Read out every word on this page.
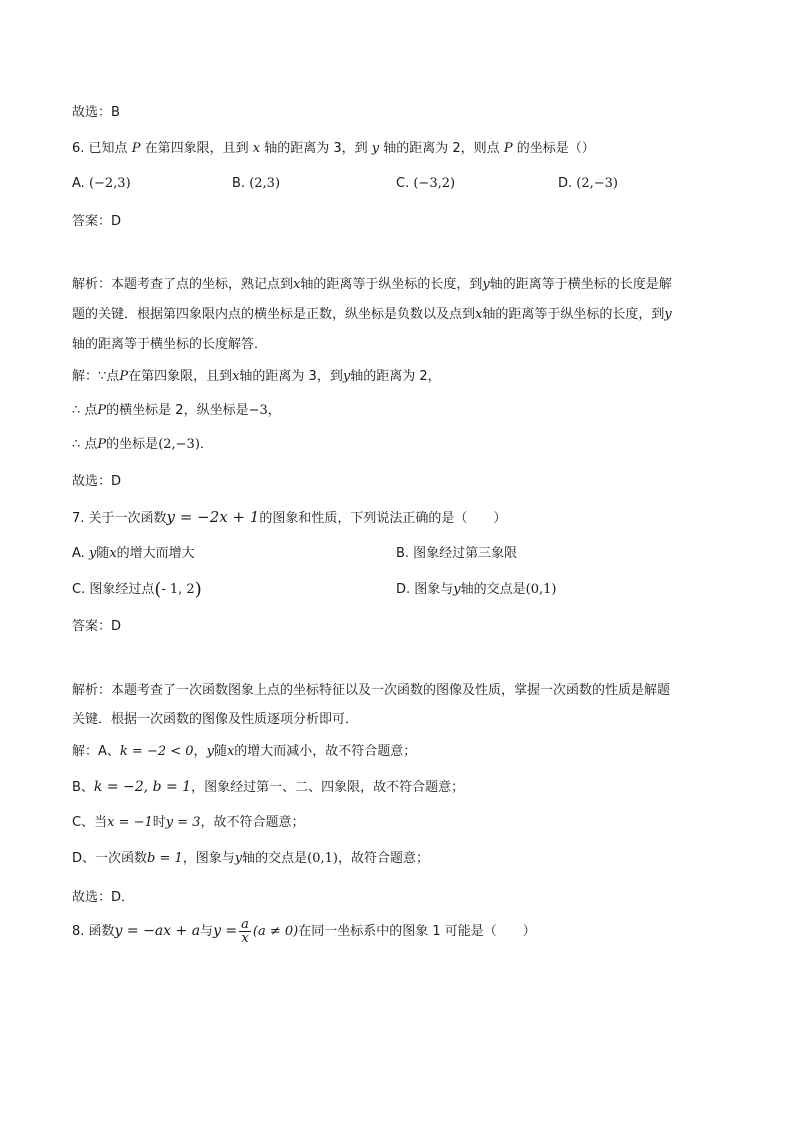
故选：B
6. 已知点 P 在第四象限，且到 x 轴的距离为 3，到 y 轴的距离为 2，则点 P 的坐标是（）
A. (−2,3)	B. (2,3)	C. (−3,2)	D. (2,−3)
答案：D
解析：本题考查了点的坐标，熟记点到x轴的距离等于纵坐标的长度，到y轴的距离等于横坐标的长度是解
题的关键．根据第四象限内点的横坐标是正数，纵坐标是负数以及点到x轴的距离等于纵坐标的长度，到y
轴的距离等于横坐标的长度解答．
解：∵点P在第四象限，且到x轴的距离为 3，到y轴的距离为 2，
∴ 点P的横坐标是 2，纵坐标是−3，
∴ 点P的坐标是(2,−3)．
故选：D
7. 关于一次函数y = −2x + 1的图象和性质，下列说法正确的是（　　）
A. y随x的增大而增大	B. 图象经过第三象限
C. 图象经过点(- 1, 2)	D. 图象与y轴的交点是(0,1)
答案：D
解析：本题考查了一次函数图象上点的坐标特征以及一次函数的图像及性质，掌握一次函数的性质是解题
关键．根据一次函数的图像及性质逐项分析即可．
解：A、k = −2 < 0，y随x的增大而减小，故不符合题意；
B、k = −2, b = 1，图象经过第一、二、四象限，故不符合题意；
C、当x = −1时y = 3，故不符合题意；
D、一次函数b = 1，图象与y轴的交点是(0,1)，故符合题意；
故选：D．
8. 函数y = −ax + a与$y = \frac{a}{x} (a \ne 0)$在同一坐标系中的图象 1 可能是（　　）
